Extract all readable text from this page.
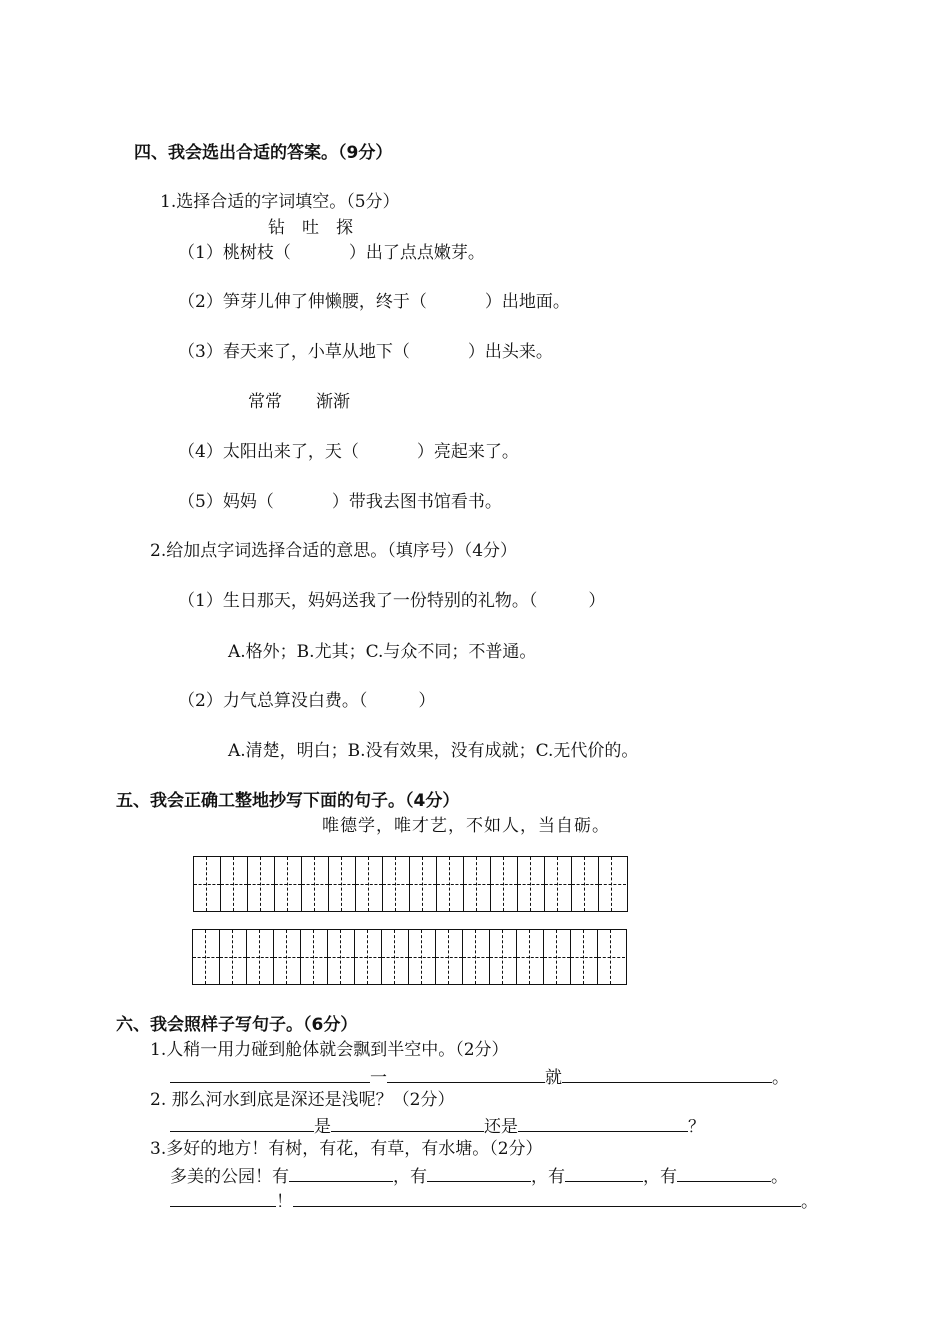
四、我会选出合适的答案。（9分）
1.选择合适的字词填空。（5分）
钻　吐　探
（1）桃树枝（	）出了点点嫩芽。
（2）笋芽儿伸了伸懒腰，终于（	）出地面。
（3）春天来了，小草从地下（	）出头来。
常常　　渐渐
（4）太阳出来了，天（	）亮起来了。
（5）妈妈（	）带我去图书馆看书。
2.给加点字词选择合适的意思。（填序号）（4分）
（1）生日那天，妈妈送我了一份特别的礼物。（　　　）
A.格外；B.尤其；C.与众不同；不普通。
（2）力气总算没白费。（　　　）
A.清楚，明白；B.没有效果，没有成就；C.无代价的。
五、我会正确工整地抄写下面的句子。（4分）
唯德学，唯才艺，不如人，当自砺。
六、我会照样子写句子。（6分）
1.人稍一用力碰到舱体就会飘到半空中。（2分）
一	就	。
2. 那么河水到底是深还是浅呢？（2分）
是	还是	？
3.多好的地方！有树，有花，有草，有水塘。（2分）
多美的公园！有	，有	，有	，有	。
！	。
